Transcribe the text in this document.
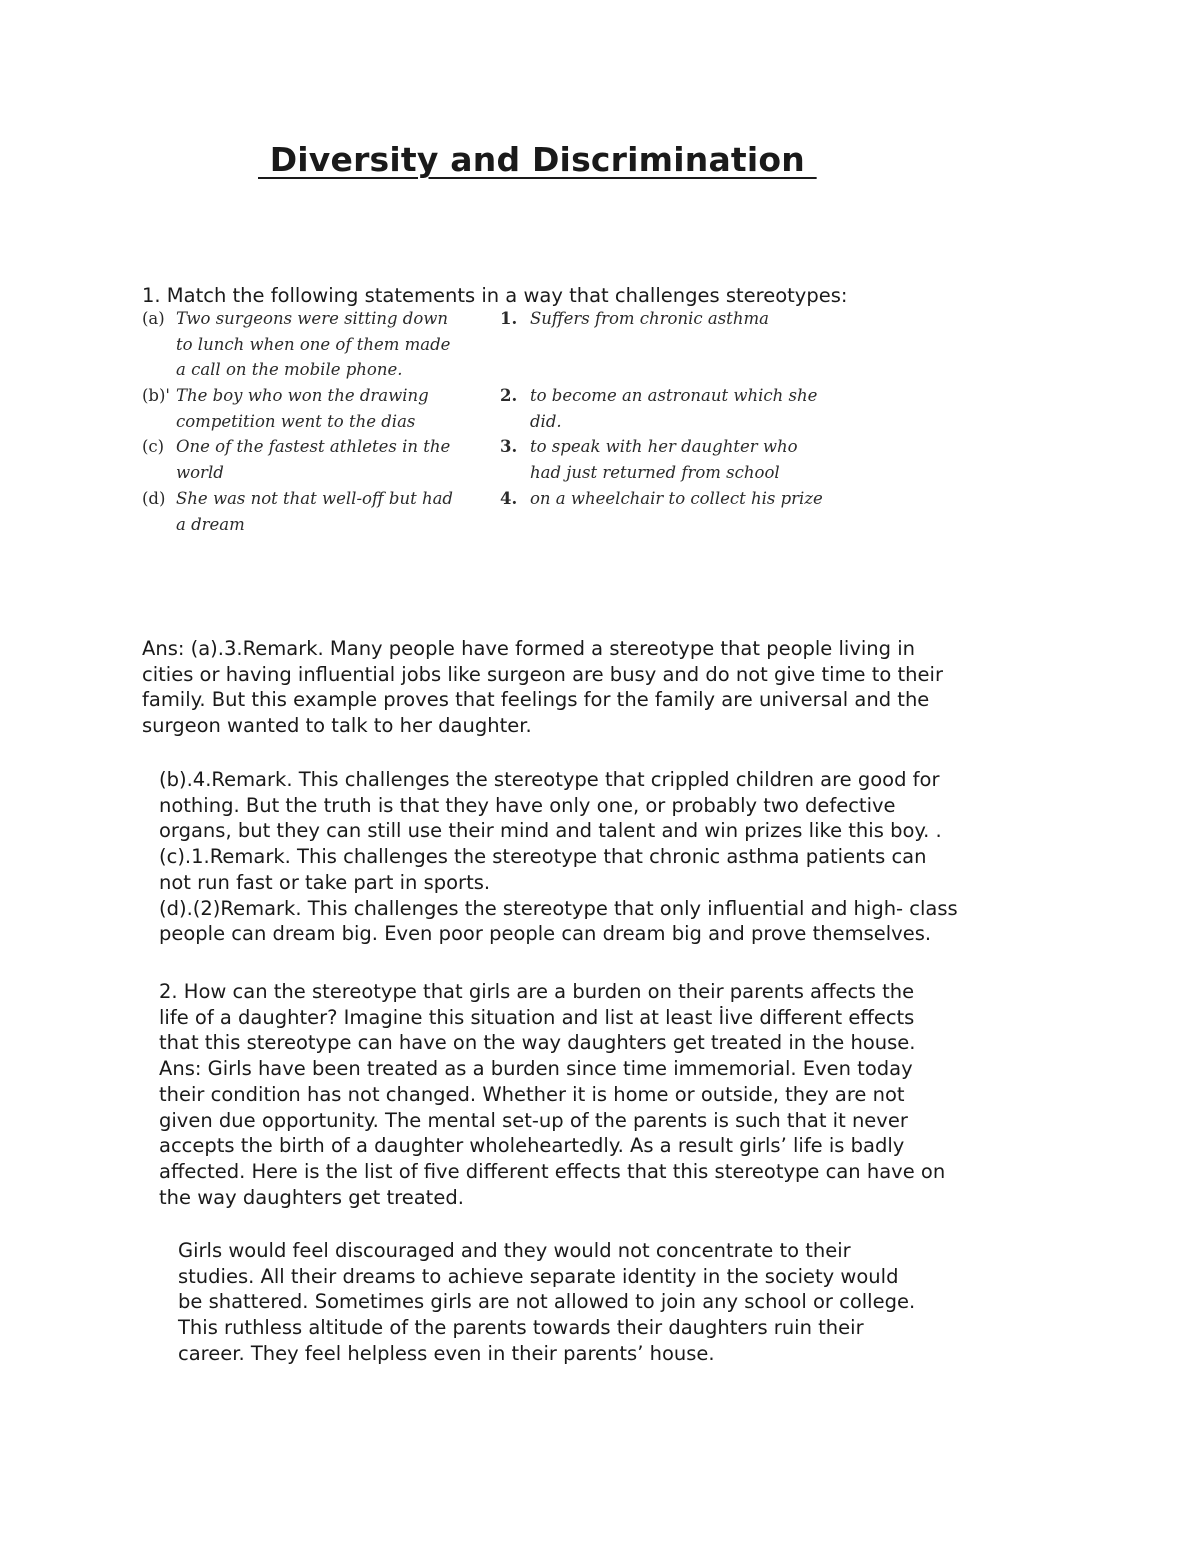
Diversity and Discrimination
1. Match the following statements in a way that challenges stereotypes:
(a) Two surgeons were sitting down
to lunch when one of them made
a call on the mobile phone.
(b)' The boy who won the drawing
competition went to the dias
(c) One of the fastest athletes in the
world
(d) She was not that well-off but had
a dream
1. Suffers from chronic asthma
2. to become an astronaut which she
did.
3. to speak with her daughter who
had just returned from school
4. on a wheelchair to collect his prize
Ans: (a).3.Remark. Many people have formed a stereotype that people living in
cities or having influential jobs like surgeon are busy and do not give time to their
family. But this example proves that feelings for the family are universal and the
surgeon wanted to talk to her daughter.
(b).4.Remark. This challenges the stereotype that crippled children are good for
nothing. But the truth is that they have only one, or probably two defective
organs, but they can still use their mind and talent and win prizes like this boy. .
(c).1.Remark. This challenges the stereotype that chronic asthma patients can
not run fast or take part in sports.
(d).(2)Remark. This challenges the stereotype that only influential and high- class
people can dream big. Even poor people can dream big and prove themselves.
2. How can the stereotype that girls are a burden on their parents affects the
life of a daughter? Imagine this situation and list at least İive different effects
that this stereotype can have on the way daughters get treated in the house.
Ans: Girls have been treated as a burden since time immemorial. Even today
their condition has not changed. Whether it is home or outside, they are not
given due opportunity. The mental set-up of the parents is such that it never
accepts the birth of a daughter wholeheartedly. As a result girls’ life is badly
affected. Here is the list of five different effects that this stereotype can have on
the way daughters get treated.
Girls would feel discouraged and they would not concentrate to their
studies. All their dreams to achieve separate identity in the society would
be shattered. Sometimes girls are not allowed to join any school or college.
This ruthless altitude of the parents towards their daughters ruin their
career. They feel helpless even in their parents’ house.
